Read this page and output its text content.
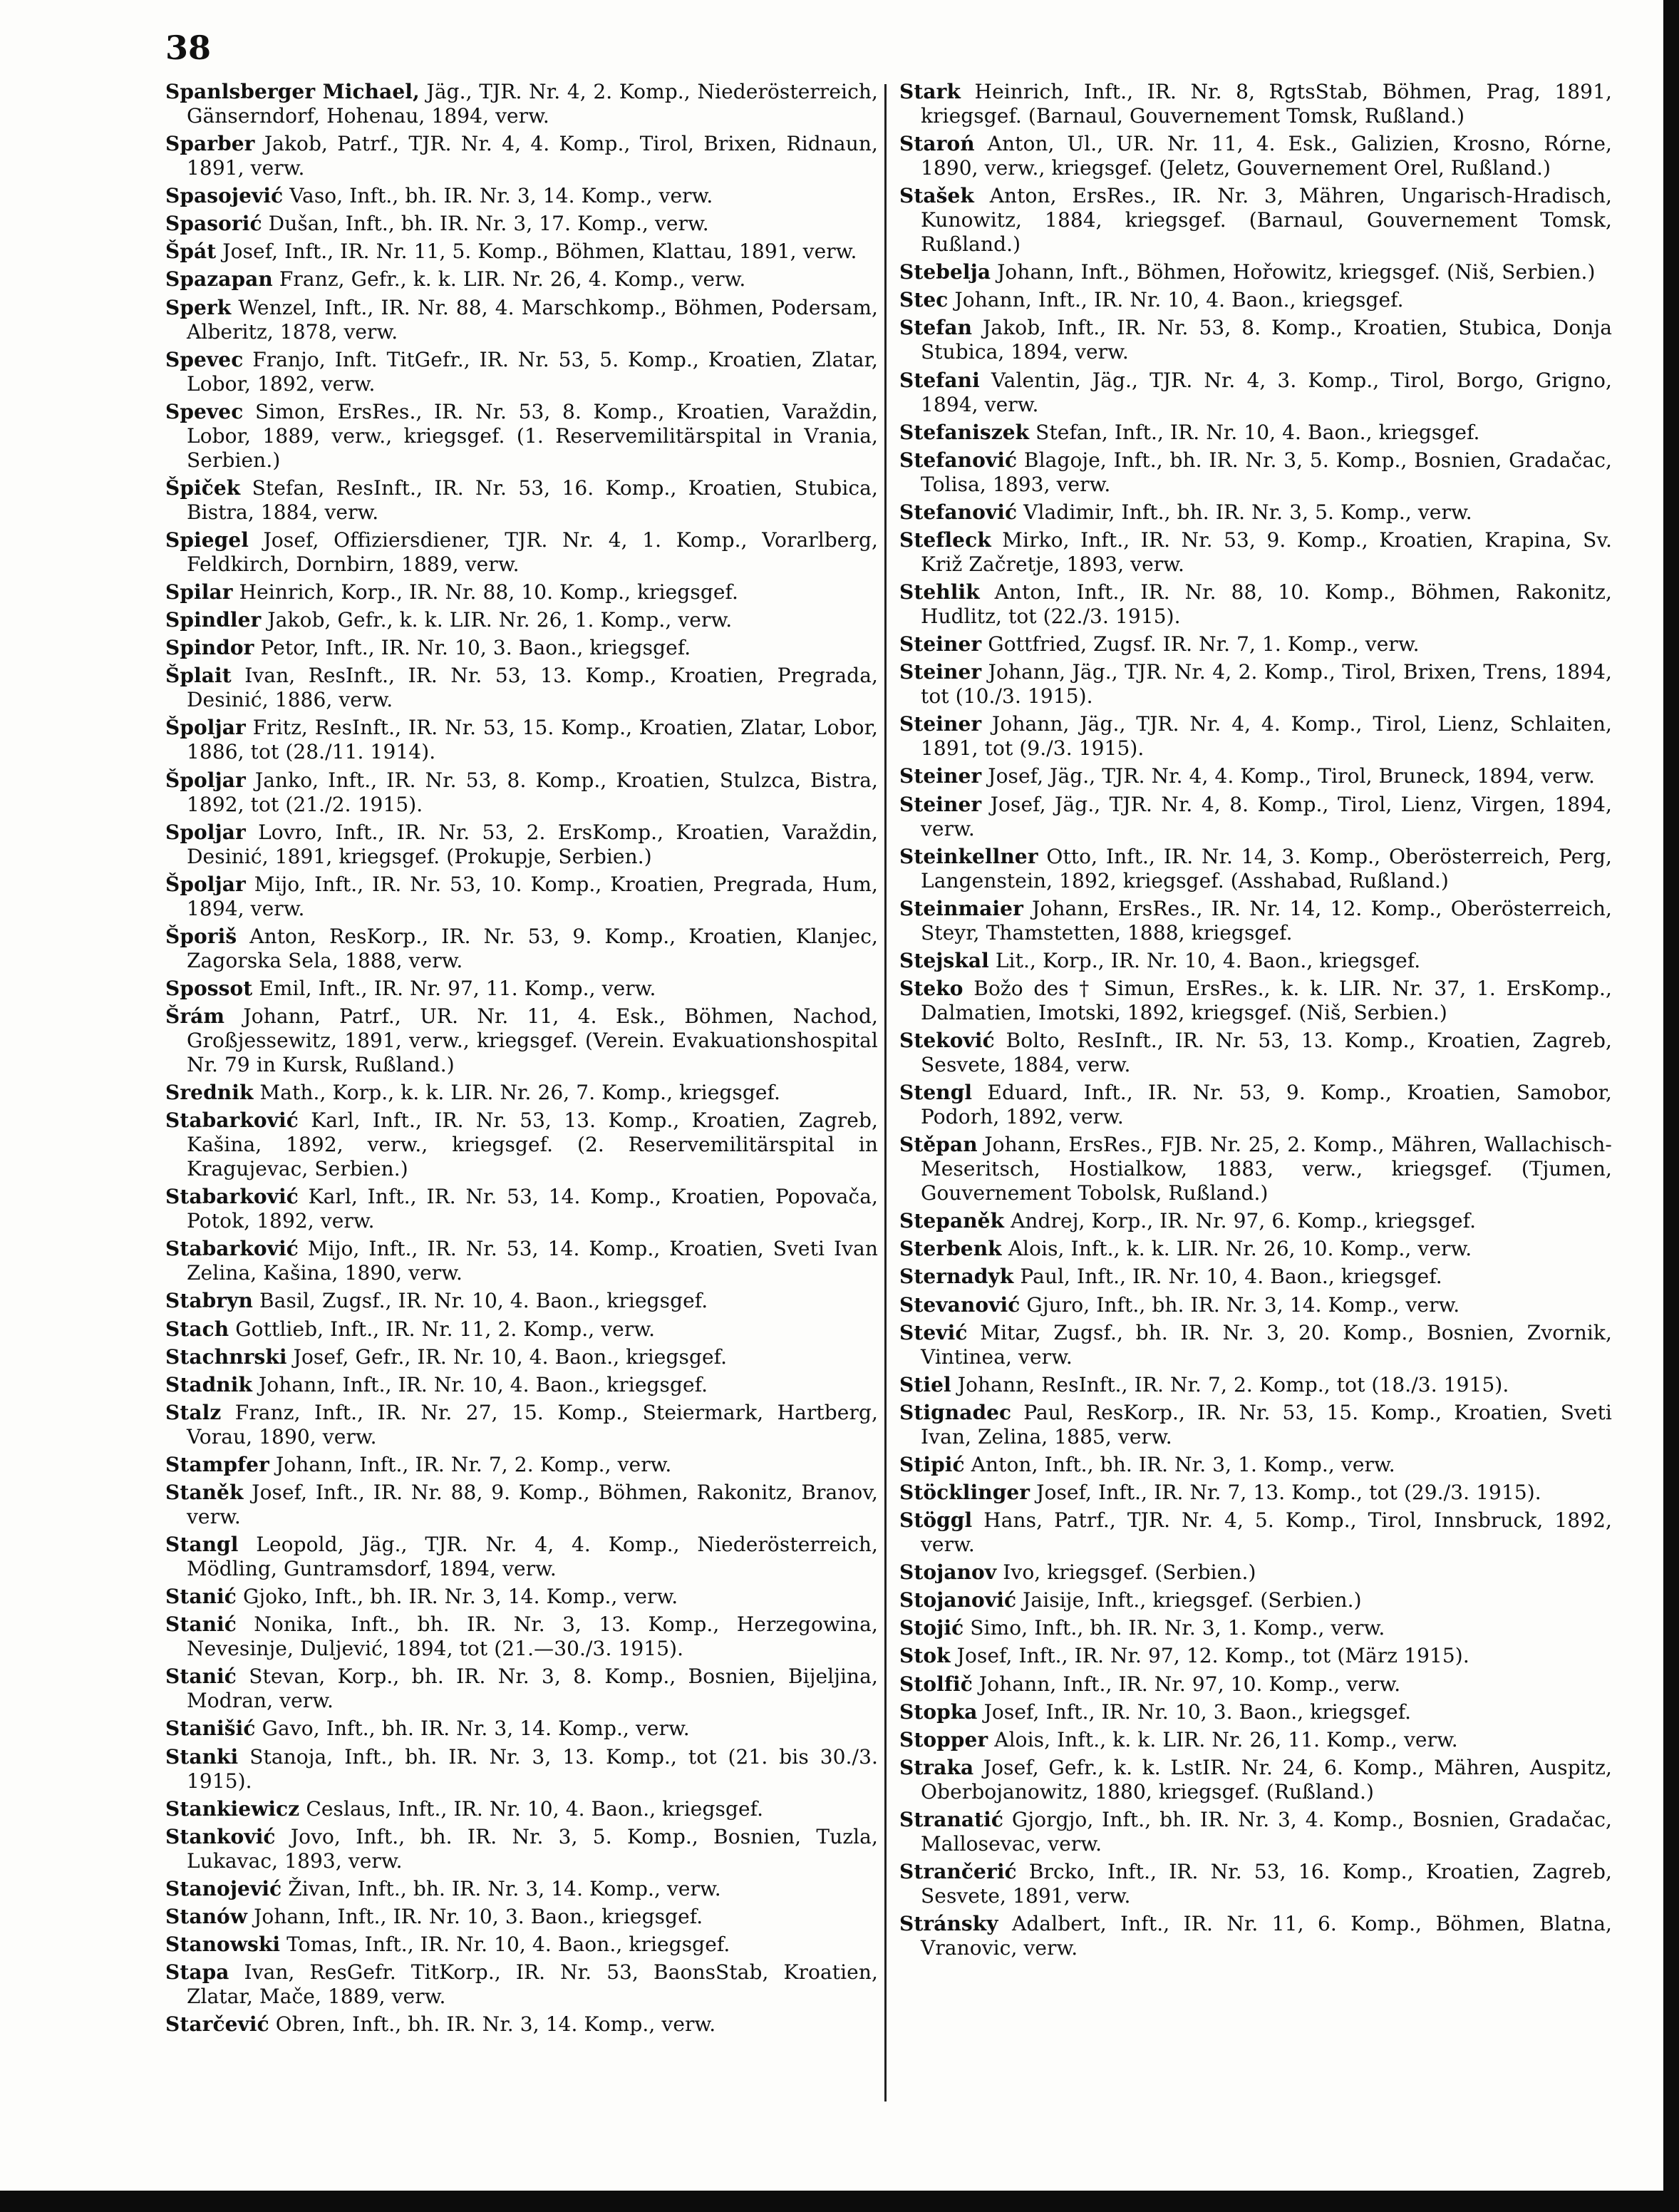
38

Spanlsberger Michael, Jäg., TJR. Nr. 4, 2. Komp., Niederösterreich, Gänserndorf, Hohenau, 1894, verw.

Sparber Jakob, Patrf., TJR. Nr. 4, 4. Komp., Tirol, Brixen, Ridnaun, 1891, verw.

Spasojević Vaso, Inft., bh. IR. Nr. 3, 14. Komp., verw.

Spasorić Dušan, Inft., bh. IR. Nr. 3, 17. Komp., verw.

Špát Josef, Inft., IR. Nr. 11, 5. Komp., Böhmen, Klattau, 1891, verw.

Spazapan Franz, Gefr., k. k. LIR. Nr. 26, 4. Komp., verw.

Sperk Wenzel, Inft., IR. Nr. 88, 4. Marschkomp., Böhmen, Podersam, Alberitz, 1878, verw.

Spevec Franjo, Inft. TitGefr., IR. Nr. 53, 5. Komp., Kroatien, Zlatar, Lobor, 1892, verw.

Spevec Simon, ErsRes., IR. Nr. 53, 8. Komp., Kroatien, Varaždin, Lobor, 1889, verw., kriegsgef. (1. Reservemilitärspital in Vrania, Serbien.)

Špiček Stefan, ResInft., IR. Nr. 53, 16. Komp., Kroatien, Stubica, Bistra, 1884, verw.

Spiegel Josef, Offiziersdiener, TJR. Nr. 4, 1. Komp., Vorarlberg, Feldkirch, Dornbirn, 1889, verw.

Spilar Heinrich, Korp., IR. Nr. 88, 10. Komp., kriegsgef.

Spindler Jakob, Gefr., k. k. LIR. Nr. 26, 1. Komp., verw.

Spindor Petor, Inft., IR. Nr. 10, 3. Baon., kriegsgef.

Šplait Ivan, ResInft., IR. Nr. 53, 13. Komp., Kroatien, Pregrada, Desinić, 1886, verw.

Špoljar Fritz, ResInft., IR. Nr. 53, 15. Komp., Kroatien, Zlatar, Lobor, 1886, tot (28./11. 1914).

Špoljar Janko, Inft., IR. Nr. 53, 8. Komp., Kroatien, Stulzca, Bistra, 1892, tot (21./2. 1915).

Spoljar Lovro, Inft., IR. Nr. 53, 2. ErsKomp., Kroatien, Varaždin, Desinić, 1891, kriegsgef. (Prokupje, Serbien.)

Špoljar Mijo, Inft., IR. Nr. 53, 10. Komp., Kroatien, Pregrada, Hum, 1894, verw.

Šporiš Anton, ResKorp., IR. Nr. 53, 9. Komp., Kroatien, Klanjec, Zagorska Sela, 1888, verw.

Spossot Emil, Inft., IR. Nr. 97, 11. Komp., verw.

Šrám Johann, Patrf., UR. Nr. 11, 4. Esk., Böhmen, Nachod, Großjessewitz, 1891, verw., kriegsgef. (Verein. Evakuationshospital Nr. 79 in Kursk, Rußland.)

Srednik Math., Korp., k. k. LIR. Nr. 26, 7. Komp., kriegsgef.

Stabarković Karl, Inft., IR. Nr. 53, 13. Komp., Kroatien, Zagreb, Kašina, 1892, verw., kriegsgef. (2. Reservemilitärspital in Kragujevac, Serbien.)

Stabarković Karl, Inft., IR. Nr. 53, 14. Komp., Kroatien, Popovača, Potok, 1892, verw.

Stabarković Mijo, Inft., IR. Nr. 53, 14. Komp., Kroatien, Sveti Ivan Zelina, Kašina, 1890, verw.

Stabryn Basil, Zugsf., IR. Nr. 10, 4. Baon., kriegsgef.

Stach Gottlieb, Inft., IR. Nr. 11, 2. Komp., verw.

Stachnrski Josef, Gefr., IR. Nr. 10, 4. Baon., kriegsgef.

Stadnik Johann, Inft., IR. Nr. 10, 4. Baon., kriegsgef.

Stalz Franz, Inft., IR. Nr. 27, 15. Komp., Steiermark, Hartberg, Vorau, 1890, verw.

Stampfer Johann, Inft., IR. Nr. 7, 2. Komp., verw.

Staněk Josef, Inft., IR. Nr. 88, 9. Komp., Böhmen, Rakonitz, Branov, verw.

Stangl Leopold, Jäg., TJR. Nr. 4, 4. Komp., Niederösterreich, Mödling, Guntramsdorf, 1894, verw.

Stanić Gjoko, Inft., bh. IR. Nr. 3, 14. Komp., verw.

Stanić Nonika, Inft., bh. IR. Nr. 3, 13. Komp., Herzegowina, Nevesinje, Duljević, 1894, tot (21.—30./3. 1915).

Stanić Stevan, Korp., bh. IR. Nr. 3, 8. Komp., Bosnien, Bijeljina, Modran, verw.

Stanišić Gavo, Inft., bh. IR. Nr. 3, 14. Komp., verw.

Stanki Stanoja, Inft., bh. IR. Nr. 3, 13. Komp., tot (21. bis 30./3. 1915).

Stankiewicz Ceslaus, Inft., IR. Nr. 10, 4. Baon., kriegsgef.

Stanković Jovo, Inft., bh. IR. Nr. 3, 5. Komp., Bosnien, Tuzla, Lukavac, 1893, verw.

Stanojević Živan, Inft., bh. IR. Nr. 3, 14. Komp., verw.

Stanów Johann, Inft., IR. Nr. 10, 3. Baon., kriegsgef.

Stanowski Tomas, Inft., IR. Nr. 10, 4. Baon., kriegsgef.

Stapa Ivan, ResGefr. TitKorp., IR. Nr. 53, BaonsStab, Kroatien, Zlatar, Mače, 1889, verw.

Starčević Obren, Inft., bh. IR. Nr. 3, 14. Komp., verw.

Stark Heinrich, Inft., IR. Nr. 8, RgtsStab, Böhmen, Prag, 1891, kriegsgef. (Barnaul, Gouvernement Tomsk, Rußland.)

Staroń Anton, Ul., UR. Nr. 11, 4. Esk., Galizien, Krosno, Rórne, 1890, verw., kriegsgef. (Jeletz, Gouvernement Orel, Rußland.)

Stašek Anton, ErsRes., IR. Nr. 3, Mähren, Ungarisch-Hradisch, Kunowitz, 1884, kriegsgef. (Barnaul, Gouvernement Tomsk, Rußland.)

Stebelja Johann, Inft., Böhmen, Hořowitz, kriegsgef. (Niš, Serbien.)

Stec Johann, Inft., IR. Nr. 10, 4. Baon., kriegsgef.

Stefan Jakob, Inft., IR. Nr. 53, 8. Komp., Kroatien, Stubica, Donja Stubica, 1894, verw.

Stefani Valentin, Jäg., TJR. Nr. 4, 3. Komp., Tirol, Borgo, Grigno, 1894, verw.

Stefaniszek Stefan, Inft., IR. Nr. 10, 4. Baon., kriegsgef.

Stefanović Blagoje, Inft., bh. IR. Nr. 3, 5. Komp., Bosnien, Gradačac, Tolisa, 1893, verw.

Stefanović Vladimir, Inft., bh. IR. Nr. 3, 5. Komp., verw.

Stefleck Mirko, Inft., IR. Nr. 53, 9. Komp., Kroatien, Krapina, Sv. Križ Začretje, 1893, verw.

Stehlik Anton, Inft., IR. Nr. 88, 10. Komp., Böhmen, Rakonitz, Hudlitz, tot (22./3. 1915).

Steiner Gottfried, Zugsf. IR. Nr. 7, 1. Komp., verw.

Steiner Johann, Jäg., TJR. Nr. 4, 2. Komp., Tirol, Brixen, Trens, 1894, tot (10./3. 1915).

Steiner Johann, Jäg., TJR. Nr. 4, 4. Komp., Tirol, Lienz, Schlaiten, 1891, tot (9./3. 1915).

Steiner Josef, Jäg., TJR. Nr. 4, 4. Komp., Tirol, Bruneck, 1894, verw.

Steiner Josef, Jäg., TJR. Nr. 4, 8. Komp., Tirol, Lienz, Virgen, 1894, verw.

Steinkellner Otto, Inft., IR. Nr. 14, 3. Komp., Oberösterreich, Perg, Langenstein, 1892, kriegsgef. (Asshabad, Rußland.)

Steinmaier Johann, ErsRes., IR. Nr. 14, 12. Komp., Oberösterreich, Steyr, Thamstetten, 1888, kriegsgef.

Stejskal Lit., Korp., IR. Nr. 10, 4. Baon., kriegsgef.

Steko Božo des † Simun, ErsRes., k. k. LIR. Nr. 37, 1. ErsKomp., Dalmatien, Imotski, 1892, kriegsgef. (Niš, Serbien.)

Steković Bolto, ResInft., IR. Nr. 53, 13. Komp., Kroatien, Zagreb, Sesvete, 1884, verw.

Stengl Eduard, Inft., IR. Nr. 53, 9. Komp., Kroatien, Samobor, Podorh, 1892, verw.

Stěpan Johann, ErsRes., FJB. Nr. 25, 2. Komp., Mähren, Wallachisch-Meseritsch, Hostialkow, 1883, verw., kriegsgef. (Tjumen, Gouvernement Tobolsk, Rußland.)

Stepaněk Andrej, Korp., IR. Nr. 97, 6. Komp., kriegsgef.

Sterbenk Alois, Inft., k. k. LIR. Nr. 26, 10. Komp., verw.

Sternadyk Paul, Inft., IR. Nr. 10, 4. Baon., kriegsgef.

Stevanović Gjuro, Inft., bh. IR. Nr. 3, 14. Komp., verw.

Stević Mitar, Zugsf., bh. IR. Nr. 3, 20. Komp., Bosnien, Zvornik, Vintinea, verw.

Stiel Johann, ResInft., IR. Nr. 7, 2. Komp., tot (18./3. 1915).

Stignadec Paul, ResKorp., IR. Nr. 53, 15. Komp., Kroatien, Sveti Ivan, Zelina, 1885, verw.

Stipić Anton, Inft., bh. IR. Nr. 3, 1. Komp., verw.

Stöcklinger Josef, Inft., IR. Nr. 7, 13. Komp., tot (29./3. 1915).

Stöggl Hans, Patrf., TJR. Nr. 4, 5. Komp., Tirol, Innsbruck, 1892, verw.

Stojanov Ivo, kriegsgef. (Serbien.)

Stojanović Jaisije, Inft., kriegsgef. (Serbien.)

Stojić Simo, Inft., bh. IR. Nr. 3, 1. Komp., verw.

Stok Josef, Inft., IR. Nr. 97, 12. Komp., tot (März 1915).

Stolfič Johann, Inft., IR. Nr. 97, 10. Komp., verw.

Stopka Josef, Inft., IR. Nr. 10, 3. Baon., kriegsgef.

Stopper Alois, Inft., k. k. LIR. Nr. 26, 11. Komp., verw.

Straka Josef, Gefr., k. k. LstIR. Nr. 24, 6. Komp., Mähren, Auspitz, Oberbojanowitz, 1880, kriegsgef. (Rußland.)

Stranatić Gjorgjo, Inft., bh. IR. Nr. 3, 4. Komp., Bosnien, Gradačac, Mallosevac, verw.

Strančerić Brcko, Inft., IR. Nr. 53, 16. Komp., Kroatien, Zagreb, Sesvete, 1891, verw.

Stránsky Adalbert, Inft., IR. Nr. 11, 6. Komp., Böhmen, Blatna, Vranovic, verw.
